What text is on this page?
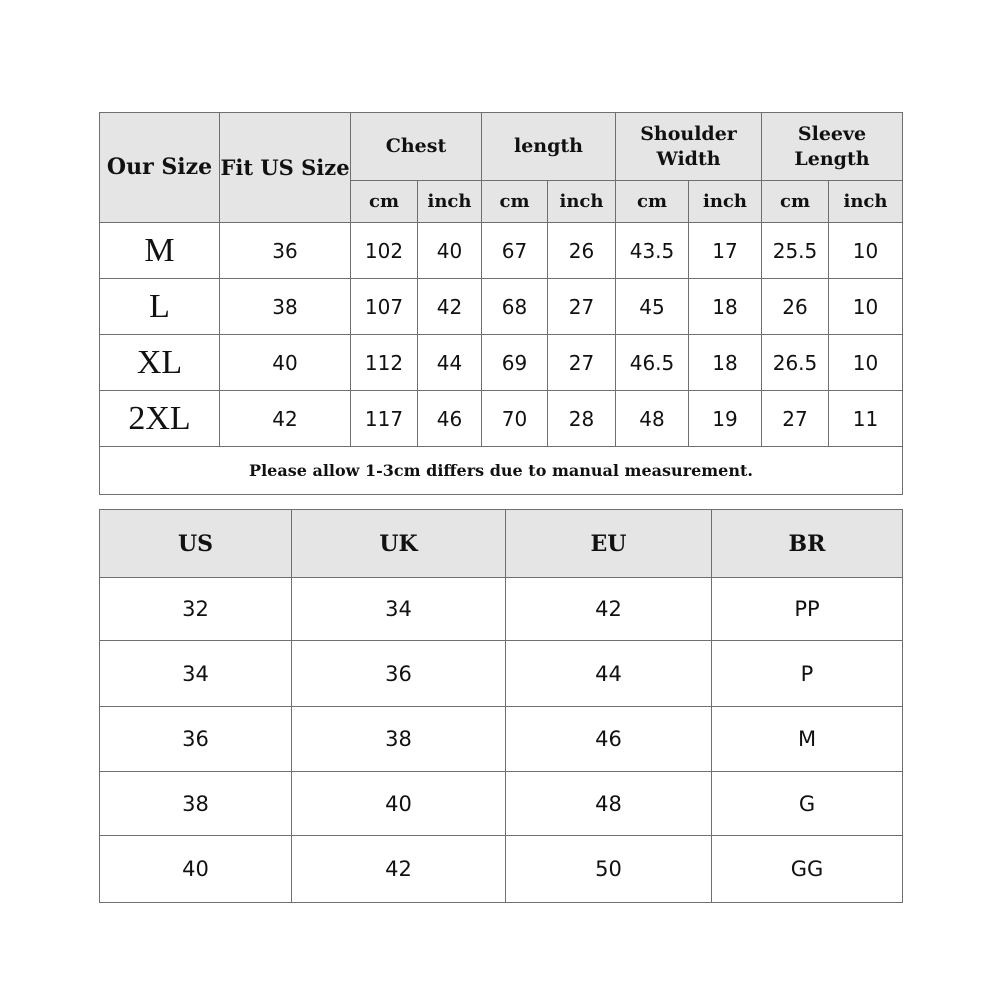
Our Size	Fit US Size	Chest		length		Shoulder Width		Sleeve Length	
		cm	inch	cm	inch	cm	inch	cm	inch
M	36	102	40	67	26	43.5	17	25.5	10
L	38	107	42	68	27	45	18	26	10
XL	40	112	44	69	27	46.5	18	26.5	10
2XL	42	117	46	70	28	48	19	27	11
Please allow 1-3cm differs due to manual measurement.									
US	UK	EU	BR
32	34	42	PP
34	36	44	P
36	38	46	M
38	40	48	G
40	42	50	GG
